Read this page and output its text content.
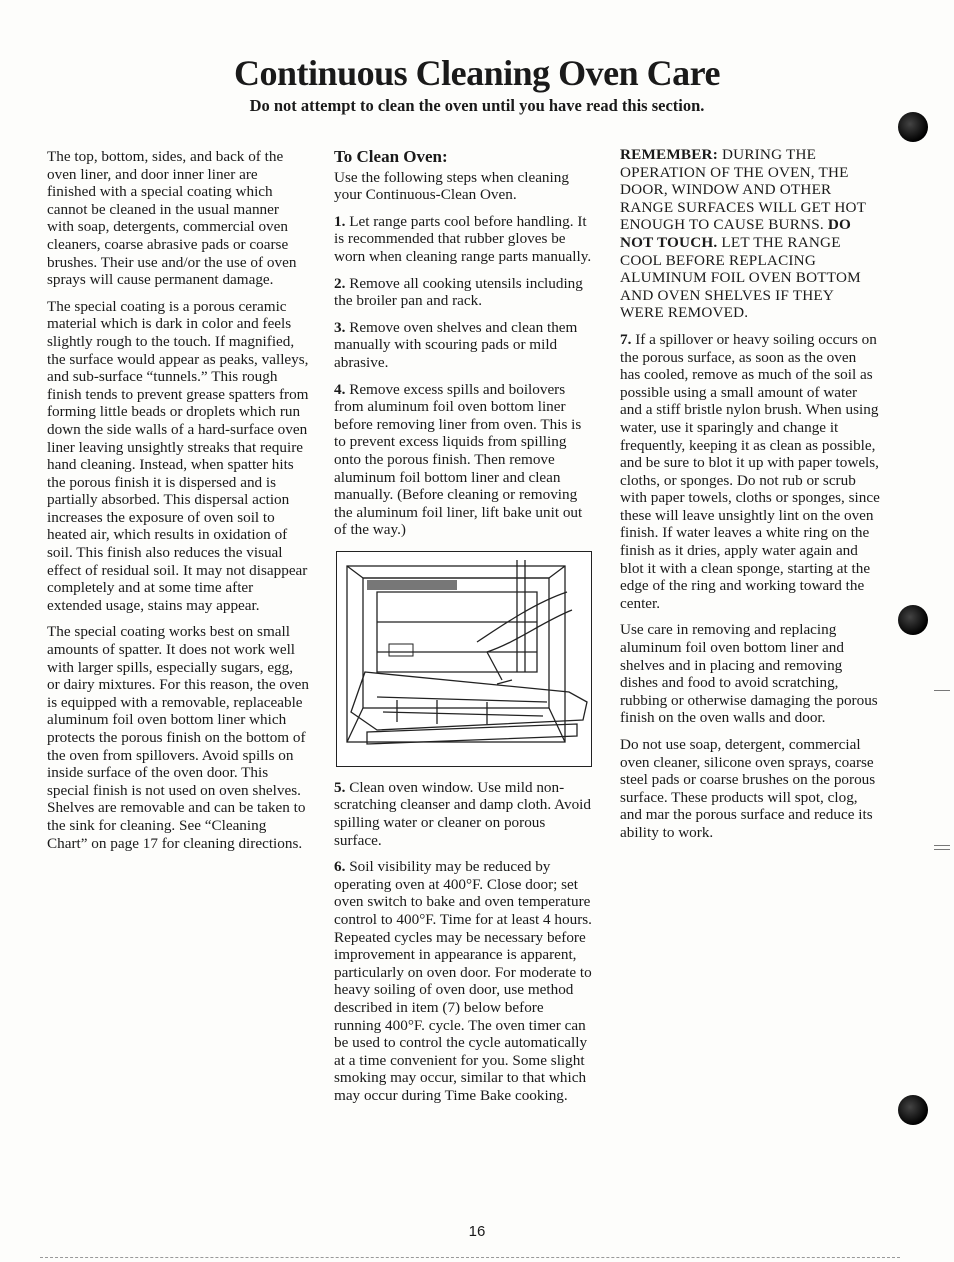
Continuous Cleaning Oven Care
Do not attempt to clean the oven until you have read this section.

The top, bottom, sides, and back of the oven liner, and door inner liner are finished with a special coating which cannot be cleaned in the usual manner with soap, detergents, commercial oven cleaners, coarse abrasive pads or coarse brushes. Their use and/or the use of oven sprays will cause permanent damage.

The special coating is a porous ceramic material which is dark in color and feels slightly rough to the touch. If magnified, the surface would appear as peaks, valleys, and sub-surface “tunnels.” This rough finish tends to prevent grease spatters from forming little beads or droplets which run down the side walls of a hard-surface oven liner leaving unsightly streaks that require hand cleaning. Instead, when spatter hits the porous finish it is dispersed and is partially absorbed. This dispersal action increases the exposure of oven soil to heated air, which results in oxidation of soil. This finish also reduces the visual effect of residual soil. It may not disappear completely and at some time after extended usage, stains may appear.

The special coating works best on small amounts of spatter. It does not work well with larger spills, especially sugars, egg, or dairy mixtures. For this reason, the oven is equipped with a removable, replaceable aluminum foil oven bottom liner which protects the porous finish on the bottom of the oven from spillovers. Avoid spills on inside surface of the oven door. This special finish is not used on oven shelves. Shelves are removable and can be taken to the sink for cleaning. See “Cleaning Chart” on page 17 for cleaning directions.

To Clean Oven:

Use the following steps when cleaning your Continuous-Clean Oven.

1. Let range parts cool before handling. It is recommended that rubber gloves be worn when cleaning range parts manually.

2. Remove all cooking utensils including the broiler pan and rack.

3. Remove oven shelves and clean them manually with scouring pads or mild abrasive.

4. Remove excess spills and boilovers from aluminum foil oven bottom liner before removing liner from oven. This is to prevent excess liquids from spilling onto the porous finish. Then remove aluminum foil bottom liner and clean manually. (Before cleaning or removing the aluminum foil liner, lift bake unit out of the way.)

5. Clean oven window. Use mild non-scratching cleanser and damp cloth. Avoid spilling water or cleaner on porous surface.

6. Soil visibility may be reduced by operating oven at 400°F. Close door; set oven switch to bake and oven temperature control to 400°F. Time for at least 4 hours. Repeated cycles may be necessary before improvement in appearance is apparent, particularly on oven door. For moderate to heavy soiling of oven door, use method described in item (7) below before running 400°F. cycle. The oven timer can be used to control the cycle automatically at a time convenient for you. Some slight smoking may occur, similar to that which may occur during Time Bake cooking.

REMEMBER: DURING THE OPERATION OF THE OVEN, THE DOOR, WINDOW AND OTHER RANGE SURFACES WILL GET HOT ENOUGH TO CAUSE BURNS. DO NOT TOUCH. LET THE RANGE COOL BEFORE REPLACING ALUMINUM FOIL OVEN BOTTOM AND OVEN SHELVES IF THEY WERE REMOVED.

7. If a spillover or heavy soiling occurs on the porous surface, as soon as the oven has cooled, remove as much of the soil as possible using a small amount of water and a stiff bristle nylon brush. When using water, use it sparingly and change it frequently, keeping it as clean as possible, and be sure to blot it up with paper towels, cloths, or sponges. Do not rub or scrub with paper towels, cloths or sponges, since these will leave unsightly lint on the oven finish. If water leaves a white ring on the finish as it dries, apply water again and blot it with a clean sponge, starting at the edge of the ring and working toward the center.

Use care in removing and replacing aluminum foil oven bottom liner and shelves and in placing and removing dishes and food to avoid scratching, rubbing or otherwise damaging the porous finish on the oven walls and door.

Do not use soap, detergent, commercial oven cleaner, silicone oven sprays, coarse steel pads or coarse brushes on the porous surface. These products will spot, clog, and mar the porous surface and reduce its ability to work.

16
